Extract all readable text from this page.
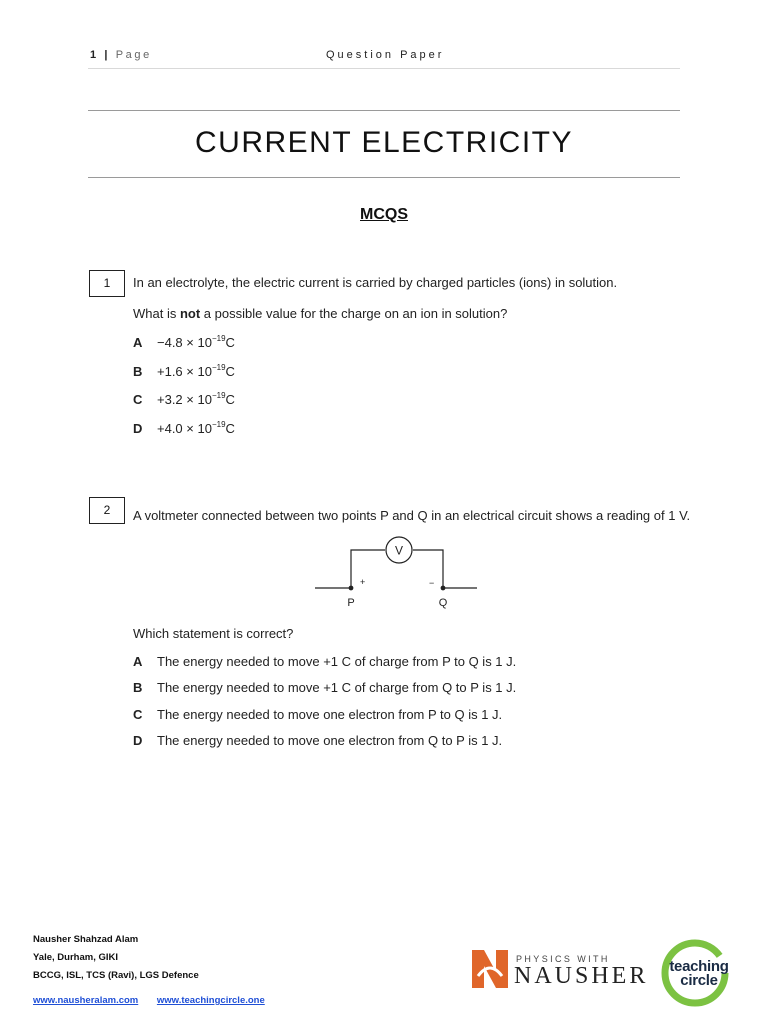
1 | Page	Question Paper
CURRENT ELECTRICITY
MCQS
1	In an electrolyte, the electric current is carried by charged particles (ions) in solution.
What is not a possible value for the charge on an ion in solution?
$A -4.8 \times 10^{-19}C$
$B +1.6 \times 10^{-19}C$
$C +3.2 \times 10^{-19}C$
$D +4.0 \times 10^{-19}C$
2	A voltmeter connected between two points P and Q in an electrical circuit shows a reading of 1 V.
V
+	−
P	Q
Which statement is correct?
A The energy needed to move +1 C of charge from P to Q is 1 J.
B The energy needed to move +1 C of charge from Q to P is 1 J.
C The energy needed to move one electron from P to Q is 1 J.
D The energy needed to move one electron from Q to P is 1 J.
Nausher Shahzad Alam
Yale, Durham, GIKI
BCCG, ISL, TCS (Ravi), LGS Defence
www.nausheralam.com www.teachingcircle.one
PHYSICS WITH
NAUSHER	teaching
circle
